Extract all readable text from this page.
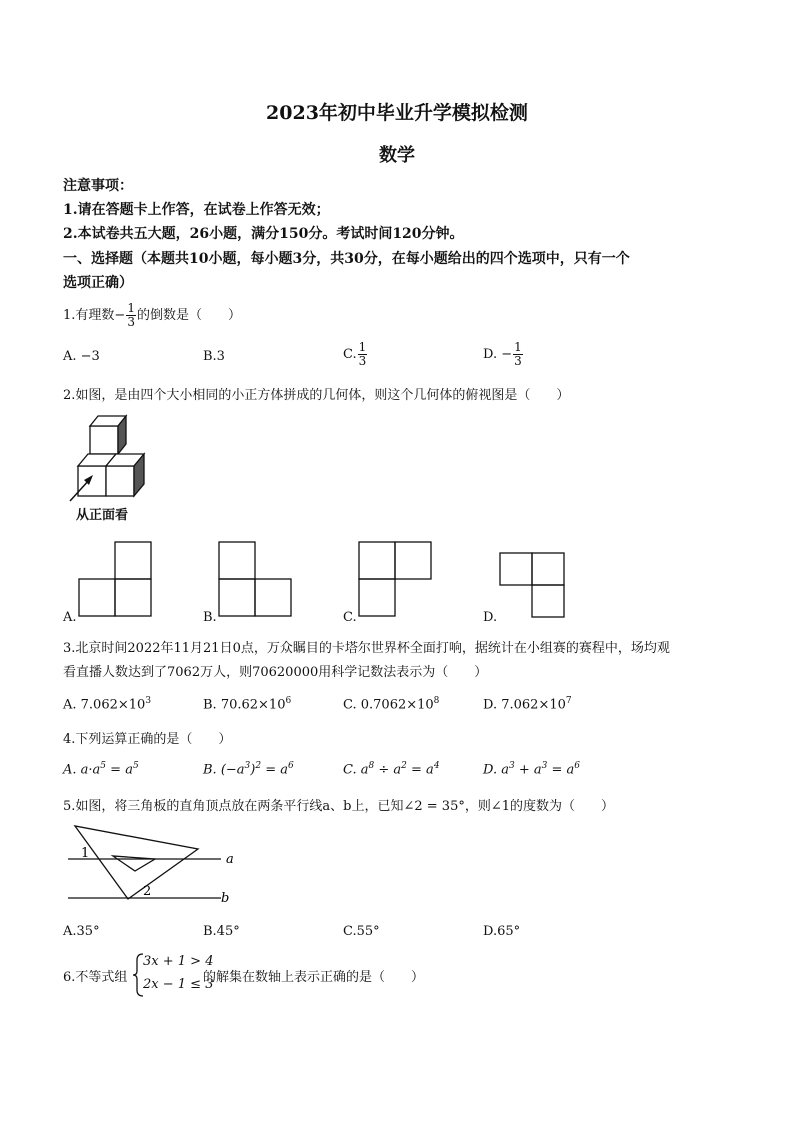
2023年初中毕业升学模拟检测
数学
注意事项：
1.请在答题卡上作答，在试卷上作答无效；
2.本试卷共五大题，26小题，满分150分。考试时间120分钟。
一、选择题（本题共10小题，每小题3分，共30分，在每小题给出的四个选项中，只有一个
选项正确）
1.有理数− $\frac{1}{3}$ 的倒数是（　　）
A. −3	B.3	C. $\frac{1}{3}$	D. − $\frac{1}{3}$
2.如图，是由四个大小相同的小正方体拼成的几何体，则这个几何体的俯视图是（　　）
从正面看
A.	B.	C.	D.
3.北京时间2022年11月21日0点，万众瞩目的卡塔尔世界杯全面打响，据统计在小组赛的赛程中，场均观
看直播人数达到了7062万人，则70620000用科学记数法表示为（　　）
A. $7.062\times 10^3$	B. $70.62\times 10^6$	C. $0.7062\times 10^8$	D. $7.062\times 10^7$
4.下列运算正确的是（　　）
A. $a\cdot a^5 = a^5$	B. $(-a^3)^2 = a^6$	C. $a^8 \div a^2 = a^4$	D. $a^3 + a^3 = a^6$
5.如图，将三角板的直角顶点放在两条平行线a、b上，已知∠2 = 35°，则∠1的度数为（　　）
1
2
a
b
A.35°	B.45°	C.55°	D.65°
6.不等式组
3x + 1 > 4
2x − 1 ≤ 3
的解集在数轴上表示正确的是（　　）
